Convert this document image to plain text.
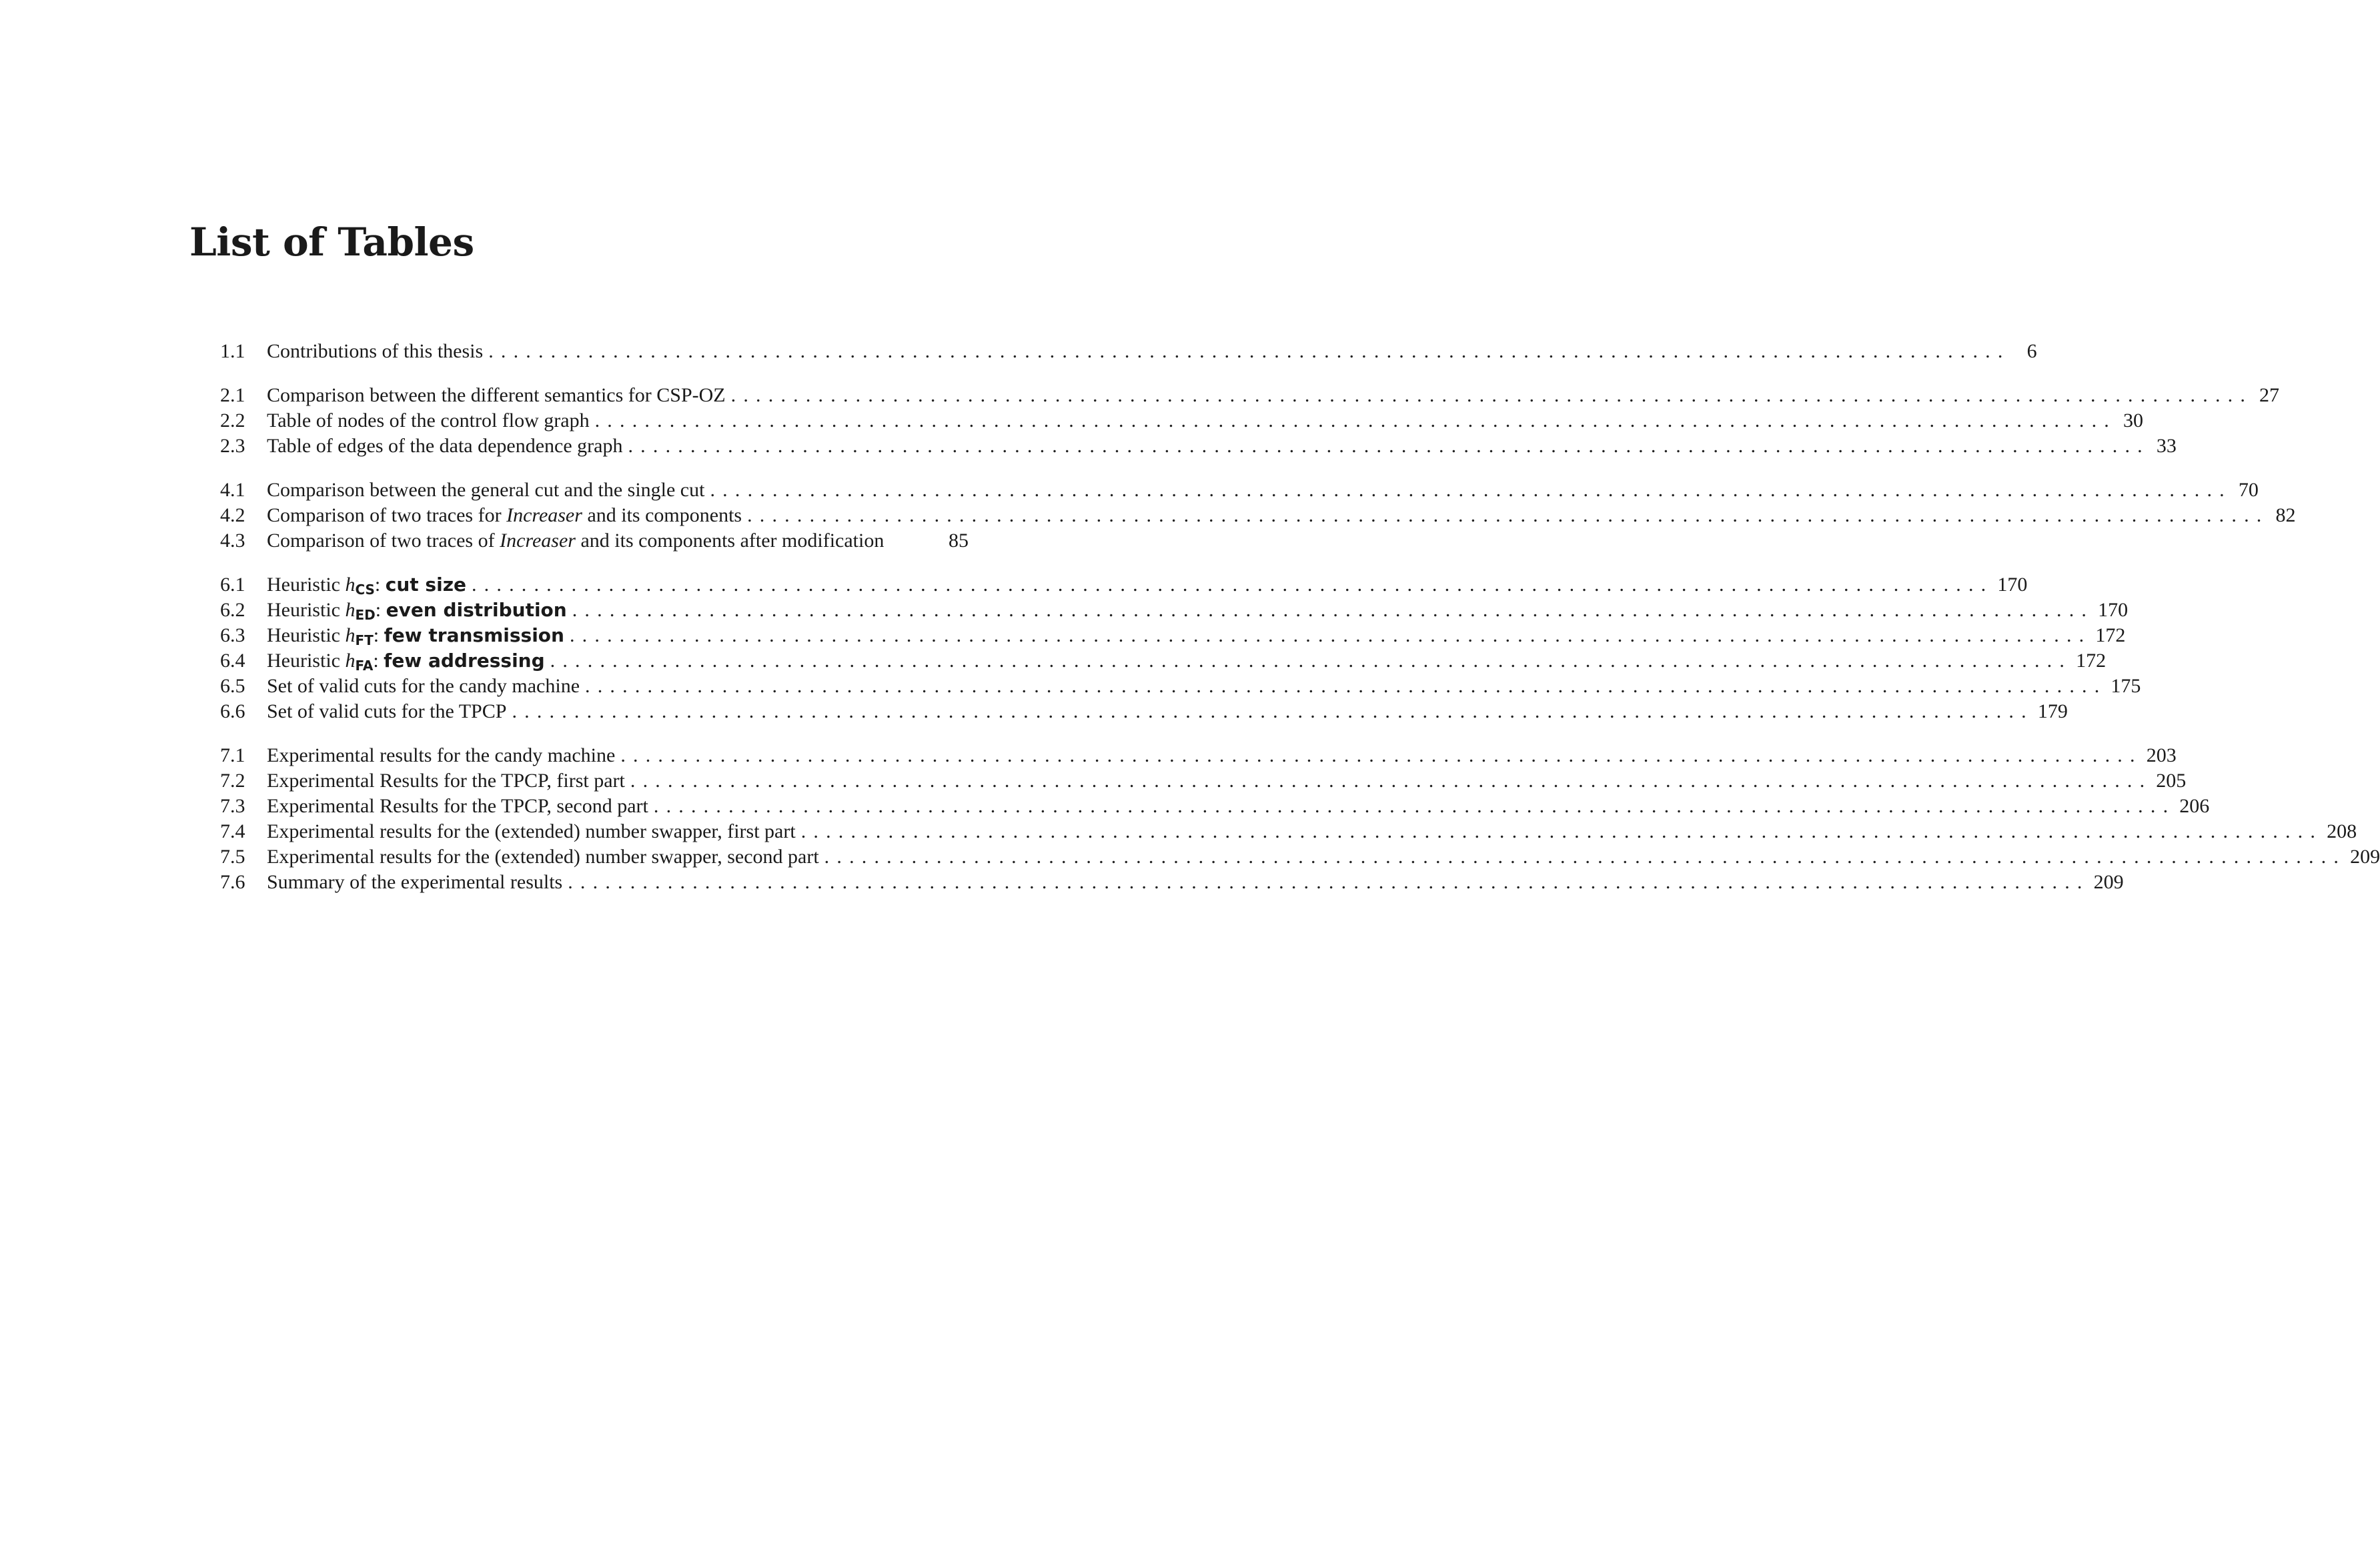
List of Tables
1.1	Contributions of this thesis .......................................................................................................................... 6
2.1	Comparison between the different semantics for CSP-OZ .......................................................................................................................... 27
2.2	Table of nodes of the control flow graph .......................................................................................................................... 30
2.3	Table of edges of the data dependence graph .......................................................................................................................... 33
4.1	Comparison between the general cut and the single cut .......................................................................................................................... 70
4.2	Comparison of two traces for Increaser and its components .......................................................................................................................... 82
4.3	Comparison of two traces of Increaser and its components after modification	85
6.1	Heuristic $h_{CS}$: cut size .......................................................................................................................... 170
6.2	Heuristic $h_{ED}$: even distribution .......................................................................................................................... 170
6.3	Heuristic $h_{FT}$: few transmission .......................................................................................................................... 172
6.4	Heuristic $h_{FA}$: few addressing .......................................................................................................................... 172
6.5	Set of valid cuts for the candy machine .......................................................................................................................... 175
6.6	Set of valid cuts for the TPCP .......................................................................................................................... 179
7.1	Experimental results for the candy machine .......................................................................................................................... 203
7.2	Experimental Results for the TPCP, first part .......................................................................................................................... 205
7.3	Experimental Results for the TPCP, second part .......................................................................................................................... 206
7.4	Experimental results for the (extended) number swapper, first part .......................................................................................................................... 208
7.5	Experimental results for the (extended) number swapper, second part .......................................................................................................................... 209
7.6	Summary of the experimental results .......................................................................................................................... 209
